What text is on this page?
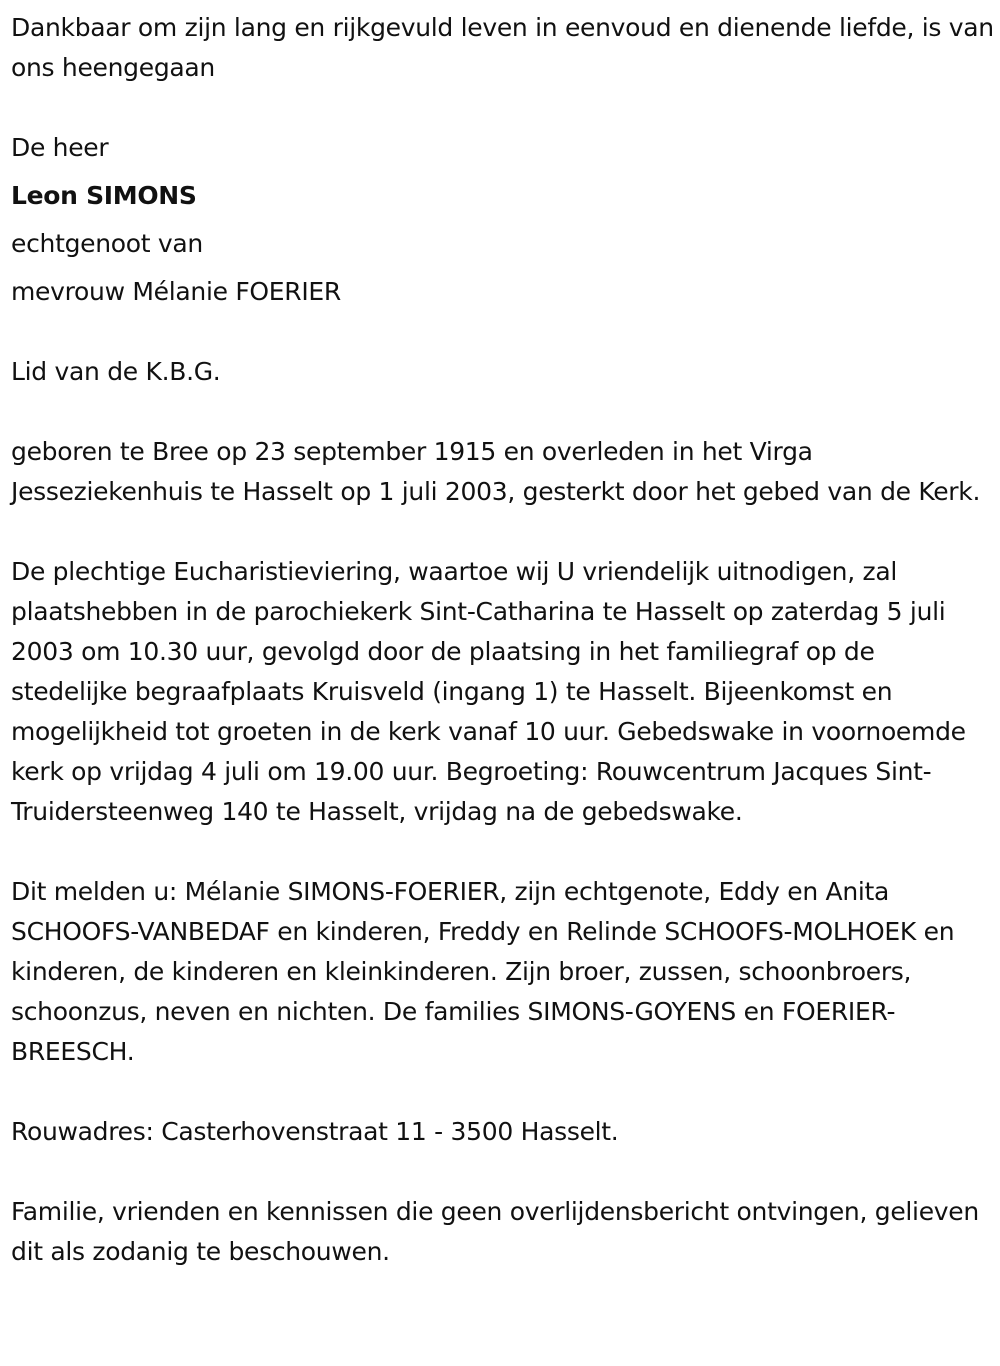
Dankbaar om zijn lang en rijkgevuld leven in eenvoud en dienende liefde, is van ons heengegaan

De heer

Leon SIMONS

echtgenoot van

mevrouw Mélanie FOERIER

Lid van de K.B.G.

geboren te Bree op 23 september 1915 en overleden in het Virga Jesseziekenhuis te Hasselt op 1 juli 2003, gesterkt door het gebed van de Kerk.

De plechtige Eucharistieviering, waartoe wij U vriendelijk uitnodigen, zal plaatshebben in de parochiekerk Sint-Catharina te Hasselt op zaterdag 5 juli 2003 om 10.30 uur, gevolgd door de plaatsing in het familiegraf op de stedelijke begraafplaats Kruisveld (ingang 1) te Hasselt. Bijeenkomst en mogelijkheid tot groeten in de kerk vanaf 10 uur. Gebedswake in voornoemde kerk op vrijdag 4 juli om 19.00 uur. Begroeting: Rouwcentrum Jacques Sint-Truidersteenweg 140 te Hasselt, vrijdag na de gebedswake.

Dit melden u: Mélanie SIMONS-FOERIER, zijn echtgenote, Eddy en Anita SCHOOFS-VANBEDAF en kinderen, Freddy en Relinde SCHOOFS-MOLHOEK en kinderen, de kinderen en kleinkinderen. Zijn broer, zussen, schoonbroers, schoonzus, neven en nichten. De families SIMONS-GOYENS en FOERIER-BREESCH.

Rouwadres: Casterhovenstraat 11 - 3500 Hasselt.

Familie, vrienden en kennissen die geen overlijdensbericht ontvingen, gelieven dit als zodanig te beschouwen.
